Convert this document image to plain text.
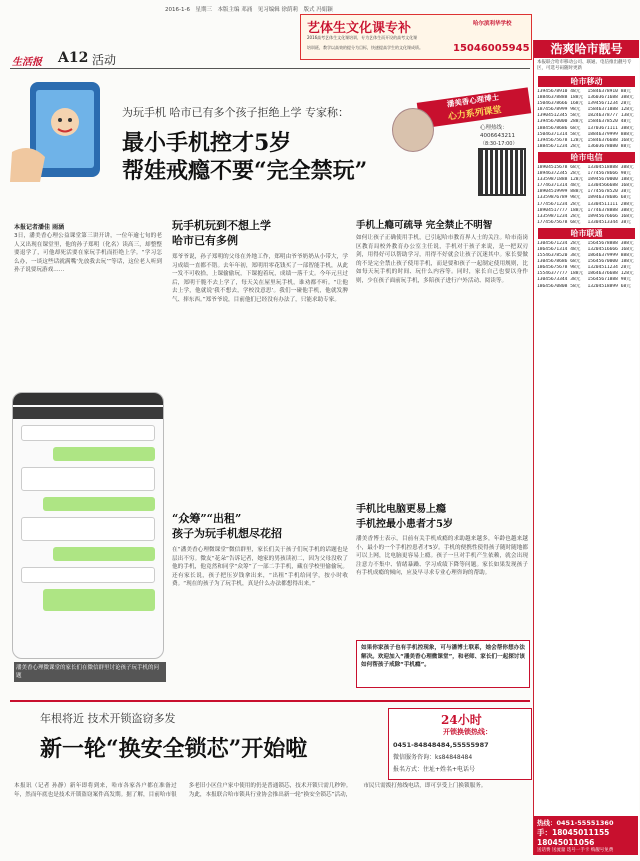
2016-1-6　星期三　本版主编 邓涌　见习编辑 徐荫莉　版式 冯娟颖
生活报 A12 活动
艺体生文化课专补
2016高考艺体生文化课培训，专为艺体生而开设的高考文化课
培训班，教学以高效的提分为目标，快速提高学生的文化课成绩。
哈尔滨利华学校
15046005945
为玩手机 哈市已有多个孩子拒绝上学 专家称：
最小手机控才5岁
帮娃戒瘾不要“完全禁玩”
潘美香心理博士
心力系列课堂
心理热线：
4006643211
（8:30-17:00）
本报记者潘佳 雨涵
3日，潘美香心理公益课堂第三讲开讲，一位年逾七旬的老人又出现在课堂里，他的孙子郑明（化名）读高三，却整整要退学了，可他却死活要在家玩手机而拒绝上学。“学习怎么办，一谈这些话就满嘴‘先放我去玩’”等话，这位老人听到孙子说要玩游戏……
玩手机玩到不想上学
哈市已有多例
郑爷爷说，孙子郑明的父母在外地工作，郑明由爷爷奶奶从小带大，学习成绩一直都不错。去年年初，郑明用零花钱买了一部智能手机，从此一发不可收拾，上课偷偷玩，下课抱着玩，成绩一落千丈。今年元旦过后，郑明干脆不去上学了，每天关在屋里玩手机，谁劝都不听。“让他去上学，他就说‘我不想去，学校没意思’。我们一碰他手机，他就发脾气、摔东西。”郑爷爷说，目前他们已经没有办法了，只能求助专家。
“众筹”“出租”
孩子为玩手机想尽花招
在“潘美香心理微课堂”微信群里，家长们关于孩子们玩手机的话题也是层出不穷。微友“花朵”告诉记者，她家的男孩读初二，因为父母没收了他的手机，他竟然和同学“众筹”了一部二手手机，藏在学校里偷偷玩。还有家长说，孩子把压岁钱拿出来，“出租”手机给同学，按小时收费。“现在的孩子为了玩手机，真是什么办法都想得出来。”
潘美香心理微课堂的家长们在微信群里讨论孩子玩手机的问题
手机上瘾可疏导 完全禁止不明智
如何让孩子正确使用手机，已引起哈市教育界人士的关注。哈市南岗区教育局校外教育办公室主任说，手机对于孩子来说，是一把双刃剑，用得好可以帮助学习，用得不好就会让孩子沉迷其中。家长要做的不是完全禁止孩子使用手机，而是要和孩子一起制定使用规则，比如每天玩手机的时间、玩什么内容等。同时，家长自己也要以身作则，少在孩子面前玩手机，多陪孩子进行户外活动、阅读等。
手机比电脑更易上瘾
手机控最小患者才5岁
潘美香博士表示，目前有关手机成瘾的求助越来越多，年龄也越来越小，最小的一个手机控患者才5岁。手机的便携性使得孩子随时随地都可以上网，比电脑更容易上瘾。孩子一旦对手机产生依赖，就会出现注意力不集中、情绪暴躁、学习成绩下降等问题。家长如果发现孩子有手机成瘾的倾向，应及早寻求专业心理咨询的帮助。
如果你家孩子也有手机控现象，可与潘博士联系，她会帮你想办法解决。欢迎加入“潘美香心理微课堂”，和老师、家长们一起探讨该如何帮孩子戒除“手机瘾”。
年根将近 技术开锁盗窃多发
新一轮“换安全锁芯”开始啦
24小时
开锁换锁热线：
0451-84848484,55555987
微信服务咨询：ks84848484
报名方式：住址+姓名+电话号
本报讯（记者 孙静）新年即将到来，哈市各家各户都在准备过年，然而年底也是技术开锁盗窃案件高发期。据了解，目前哈市很多老旧小区住户家中使用的仍是普通锁芯，技术开锁只需几秒钟。为此，本报联合哈市锁具行业协会推出新一轮“换安全锁芯”活动，市民只需拨打热线电话，即可享受上门换锁服务。
浩爽哈市靓号
本报联合哈市移动公司、联通、电信推出靓号专区，可选号码随时更新
哈市移动
13945678910 48元	15846378910 88元
18846378888 188元 13603671688 388元
15046378666 168元 13945671234 28元
18745678999 98元	15846371888 128元
13904512345 58元	18246378777 138元
13945670000 288元 15846378520 48元
18845678686 68元	13703671111 388元
15046371314 58元	18846379999 888元
13945675678 128元 15846376688 168元
18845671234 28元	13603678080 88元
哈市电信
18904515678 68元	13304518888 388元
18946372345 28元	17745678666 98元
13359871888 128元 18945670000 188元
17746371314 48元	13304566688 168元
18904519999 888元 17745678520 38元
13359876789 98元	18946378686 68元
17745671234 28元	13304511111 288元
18904517777 188元 17746378888 388元
13359871234 28元	18945676666 168元
17745675678 68元	13304513344 38元
哈市联通
13045671234 28元	15645678888 388元
18645671314 48元	13204516666 168元
15546378520 38元	18646379999 888元
13045678686 68元	15645670000 188元
18645675678 98元	13204511234 28元
15546377777 188元 18646376688 128元
13045673344 38元	15645671888 98元
18645670808 58元	13204518899 68元
热线：0451-55551360
手：18045011155
18045011056
送话费 送流量 选号一手卡 购靓号免费
